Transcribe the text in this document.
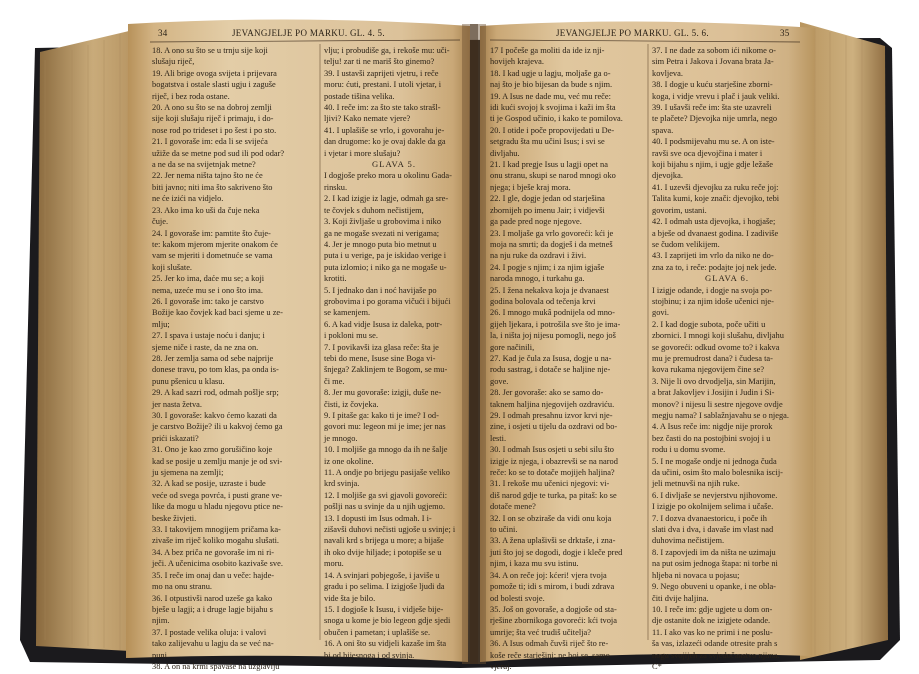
34	JEVANGJELJE PO MARKU. GL. 4. 5.	JEVANGJELJE PO MARKU. GL. 5. 6.	35
18. A ono su što se u trnju sije koji
slušaju riječ,
19. Ali brige ovoga svijeta i prijevara
bogatstva i ostale slasti ugju i zaguše
riječ, i bez roda ostane.
20. A ono su što se na dobroj zemlji
sije koji slušaju riječ i primaju, i do-
nose rod po trideset i po šest i po sto.
21. I govoraše im: eda li se svijeća
užiže da se metne pod sud ili pod odar?
a ne da se na svijetnjak metne?
22. Jer nema ništa tajno što ne će
biti javno; niti ima što sakriveno što
ne će izići na vidjelo.
23. Ako ima ko uši da čuje neka
čuje.
24. I govoraše im: pamtite što čuje-
te: kakom mjerom mjerite onakom će
vam se mjeriti i dometnuće se vama
koji slušate.
25. Jer ko ima, daće mu se; a koji
nema, uzeće mu se i ono što ima.
26. I govoraše im: tako je carstvo
Božije kao čovjek kad baci sjeme u ze-
mlju;
27. I spava i ustaje noću i danju; i
sjeme niče i raste, da ne zna on.
28. Jer zemlja sama od sebe najprije
donese travu, po tom klas, pa onda is-
punu pšenicu u klasu.
29. A kad sazri rod, odmah pošlje srp;
jer nasta žetva.
30. I govoraše: kakvo ćemo kazati da
je carstvo Božije? ili u kakvoj ćemo ga
prići iskazati?
31. Ono je kao zrno gorušičino koje
kad se posije u zemlju manje je od svi-
ju sjemena na zemlji;
32. A kad se posije, uzraste i bude
veće od svega povrća, i pusti grane ve-
like da mogu u hladu njegovu ptice ne-
beske živjeti.
33. I takovijem mnogijem pričama ka-
zivaše im riječ koliko mogahu slušati.
34. A bez priča ne govoraše im ni ri-
ječi. A učenicima osobito kazivaše sve.
35. I reče im onaj dan u veče: hajde-
mo na onu stranu.
36. I otpustivši narod uzeše ga kako
bješe u lagji; a i druge lagje bijahu s
njim.
37. I postade velika oluja: i valovi
tako zalijevahu u lagju da se već na-
puni.
38. A on na krmi spavaše na uzglavlju
vlju; i probudiše ga, i rekoše mu: uči-
telju! zar ti ne mariš što ginemo?
39. I ustavši zaprijeti vjetru, i reče
moru: ćuti, prestani. I utoli vjetar, i
postade tišina velika.
40. I reče im: za što ste tako strašl-
ljivi? Kako nemate vjere?
41. I uplašiše se vrlo, i govorahu je-
dan drugome: ko je ovaj dakle da ga
i vjetar i more slušaju?
GLAVA 5.
I dogjoše preko mora u okolinu Gada-
rinsku.
2. I kad izigje iz lagje, odmah ga sre-
te čovjek s duhom nečistijem,
3. Koji življaše u grobovima i niko
ga ne mogaše svezati ni verigama;
4. Jer je mnogo puta bio metnut u
puta i u verige, pa je iskidao verige i
puta izlomio; i niko ga ne mogaše u-
krotiti.
5. I jednako dan i noć havijaše po
grobovima i po gorama vičući i bijući
se kamenjem.
6. A kad vidje Isusa iz daleka, potr-
i pokloni mu se.
7. I povikavši iza glasa reče: šta je
tebi do mene, Isuse sine Boga vi-
šnjega? Zaklinjem te Bogom, se mu-
či me.
8. Jer mu govoraše: izigji, duše ne-
čisti, iz čovjeka.
9. I pitaše ga: kako ti je ime? I od-
govori mu: legeon mi je ime; jer nas
je mnogo.
10. I moljiše ga mnogo da ih ne šalje
iz one okoline.
11. A ondje po brijegu pasijaše veliko
krd svinja.
12. I moljiše ga svi gjavoli govoreći:
pošlji nas u svinje da u njih ugjemo.
13. I dopusti im Isus odmah. I i-
zišavši duhovi nečisti ugjoše u svinje; i
navali krd s brijega u more; a bijaše
ih oko dvije hiljade; i potopiše se u
moru.
14. A svinjari pobjegoše, i javiše u
gradu i po selima. I izigjoše ljudi da
vide šta je bilo.
15. I dogjoše k Isusu, i vidješe bije-
snoga u kome je bio legeon gdje sjedi
obučen i pametan; i uplašiše se.
16. A oni što su vidjeli kazaše im šta
bi od bijesnoga i od svinja.
17 I počeše ga moliti da ide iz nji-
hovijeh krajeva.
18. I kad ugje u lagju, moljaše ga o-
naj što je bio bijesan da bude s njim.
19. A Isus ne dade mu, već mu reče:
idi kući svojoj k svojima i kaži im šta
ti je Gospod učinio, i kako te pomilova.
20. I otide i poče propovijedati u De-
setgradu šta mu učini Isus; i svi se
divljahu.
21. I kad pregje Isus u lagji opet na
onu stranu, skupi se narod mnogi oko
njega; i bješe kraj mora.
22. I gle, dogje jedan od starješina
zbornijeh po imenu Jair; i vidjevši
ga pade pred noge njegove.
23. I moljaše ga vrlo govoreći: kći je
moja na smrti; da dogješ i da metneš
na nju ruke da ozdravi i živi.
24. I pogje s njim; i za njim igjaše
naroda mnogo, i turkahu ga.
25. I žena nekakva koja je dvanaest
godina bolovala od tečenja krvi
26. I mnogo mukâ podnijela od mno-
gijeh ljekara, i potrošila sve što je ima-
la, i ništa joj nijesu pomogli, nego još
gore načinili,
27. Kad je čula za Isusa, dogje u na-
rodu sastrag, i dotače se haljine nje-
gove.
28. Jer govoraše: ako se samo do-
taknem haljina njegovijeh ozdraviću.
29. I odmah presahnu izvor krvi nje-
zine, i osjeti u tijelu da ozdravi od bo-
lesti.
30. I odmah Isus osjeti u sebi silu što
izigje iz njega, i obazrevši se na narod
reče: ko se to dotače mojijeh haljina?
31. I rekoše mu učenici njegovi: vi-
diš narod gdje te turka, pa pitaš: ko se
dotače mene?
32. I on se obziraše da vidi onu koja
to učini.
33. A žena uplašivši se drktaše, i zna-
juti što joj se dogodi, dogje i kleče pred
njim, i kaza mu svu istinu.
34. A on reče joj: kćeri! vjera tvoja
pomože ti; idi s mirom, i budi zdrava
od bolesti svoje.
35. Još on govoraše, a dogjoše od sta-
rješine zbornikoga govoreći: kći tvoja
umrije; šta već trudiš učitelja?
36. A Isus odmah čuvši riječ što re-
koše reče starješini: ne boj se, samo
vjeruj.
37. I ne dade za sobom ići nikome o-
sim Petra i Jakova i Jovana brata Ja-
kovljeva.
38. I dogje u kuću starješine zborni-
koga, i vidje vrevu i plač i jauk veliki.
39. I ušavši reče im: šta ste uzavreli
te plačete? Djevojka nije umrla, nego
spava.
40. I podsmijevahu mu se. A on iste-
ravši sve oca djevojčina i mater i
koji bijahu s njim, i ugje gdje ležaše
djevojka.
41. I uzevši djevojku za ruku reče joj:
Talita kumi, koje znači: djevojko, tebi
govorim, ustani.
42. I odmah usta djevojka, i hogjaše;
a bješe od dvanaest godina. I zadiviše
se čudom velikijem.
43. I zaprijeti im vrlo da niko ne do-
zna za to, i reče: podajte joj nek jede.
GLAVA 6.
I izigje odande, i dogje na svoja po-
stojbinu; i za njim idoše učenici nje-
govi.
2. I kad dogje subota, poče učiti u
zbornici. I mnogi koji slušahu, divljahu
se govoreći: odkud ovome to? i kakva
mu je premudrost dana? i čudesa ta-
kova rukama njegovijem čine se?
3. Nije li ovo drvodjelja, sin Marijin,
a brat Jakovljev i Josijin i Judin i Si-
monov? i nijesu li sestre njegove ovdje
megju nama? I sablažnjavahu se o njega.
4. A Isus reče im: nigdje nije prorok
bez časti do na postojbini svojoj i u
rodu i u domu svome.
5. I ne mogaše ondje ni jednoga čuda
da učini, osim što malo bolesnika iscij-
jeli metnuvši na njih ruke.
6. I divljaše se nevjerstvu njihovome.
I izigje po okolnijem selima i učaše.
7. I dozva dvanaestoricu, i poče ih
slati dva i dva, i davaše im vlast nad
duhovima nečistijem.
8. I zapovjedi im da ništa ne uzimaju
na put osim jednoga štapa: ni torbe ni
hljeba ni novaca u pojasu;
9. Nego obuveni u opanke, i ne obla-
čiti dvije haljina.
10. I reče im: gdje ugjete u dom on-
dje ostanite dok ne izigjete odande.
11. I ako vas ko ne primi i ne poslu-
ša vas, izlazeći odande otresite prah s
nogu svojijeh za svjedočanstvo njima.
C*
